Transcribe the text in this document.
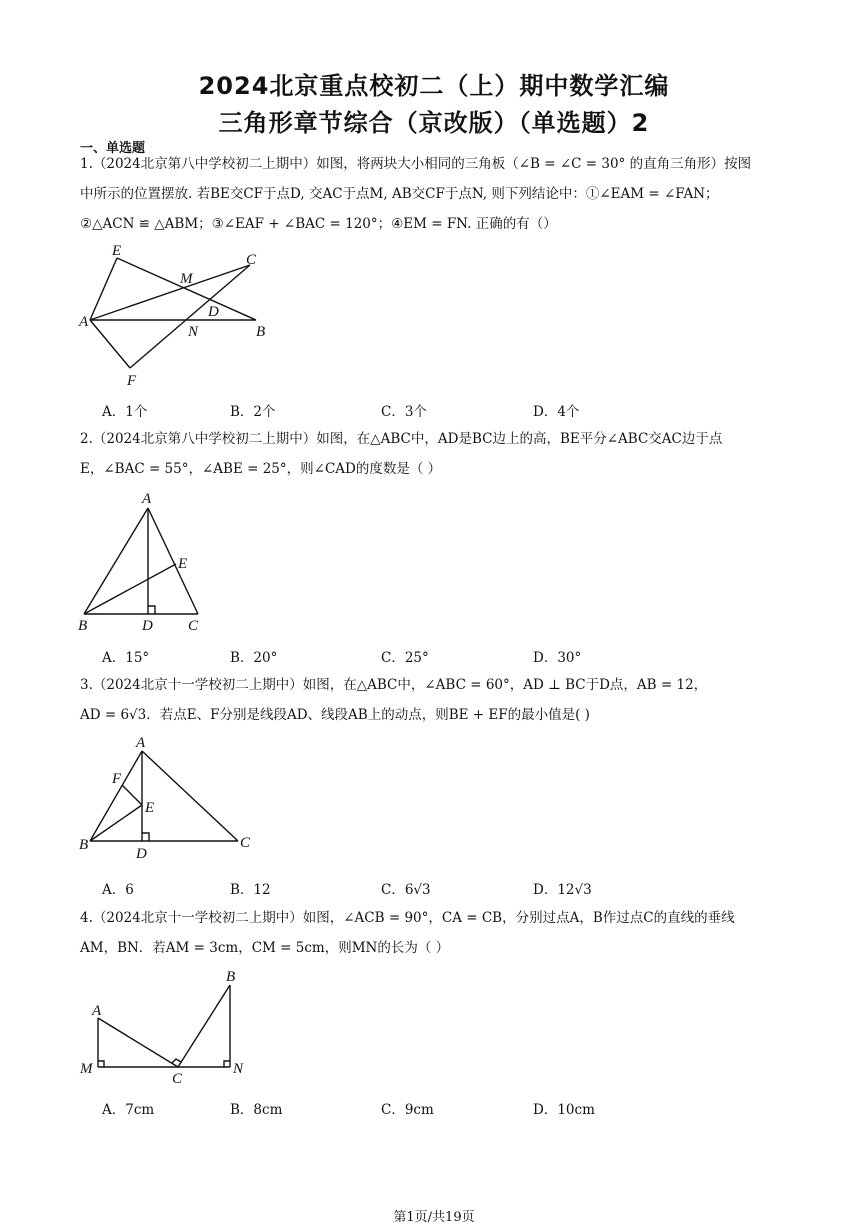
2024北京重点校初二（上）期中数学汇编
三角形章节综合（京改版）（单选题）2
一、单选题
1.（2024北京第八中学校初二上期中）如图，将两块大小相同的三角板（∠B = ∠C = 30° 的直角三角形）按图
中所示的位置摆放. 若BE交CF于点D, 交AC于点M, AB交CF于点N, 则下列结论中：①∠EAM = ∠FAN；
②△ACN ≌ △ABM；③∠EAF + ∠BAC = 120°；④EM = FN. 正确的有（）
E
C
M
D
A
N	B
F
A．1个	B．2个	C．3个	D．4个
2.（2024北京第八中学校初二上期中）如图，在△ABC中，AD是BC边上的高，BE平分∠ABC交AC边于点
E，∠BAC = 55°，∠ABE = 25°，则∠CAD的度数是（ ）
A
E
B	D C
A．15°	B．20°	C．25°	D．30°
3.（2024北京十一学校初二上期中）如图，在△ABC中，∠ABC = 60°，AD ⊥ BC于D点，AB = 12，
AD = 6√3．若点E、F分别是线段AD、线段AB上的动点，则BE + EF的最小值是( )
A
F
E
B
D
C
A．6	B．12	C．6√3	D．12√3
4.（2024北京十一学校初二上期中）如图，∠ACB = 90°，CA = CB，分别过点A，B作过点C的直线的垂线
AM，BN．若AM = 3cm，CM = 5cm，则MN的长为（ ）
B
A
M
C
N
A．7cm	B．8cm	C．9cm	D．10cm
第1页/共19页
